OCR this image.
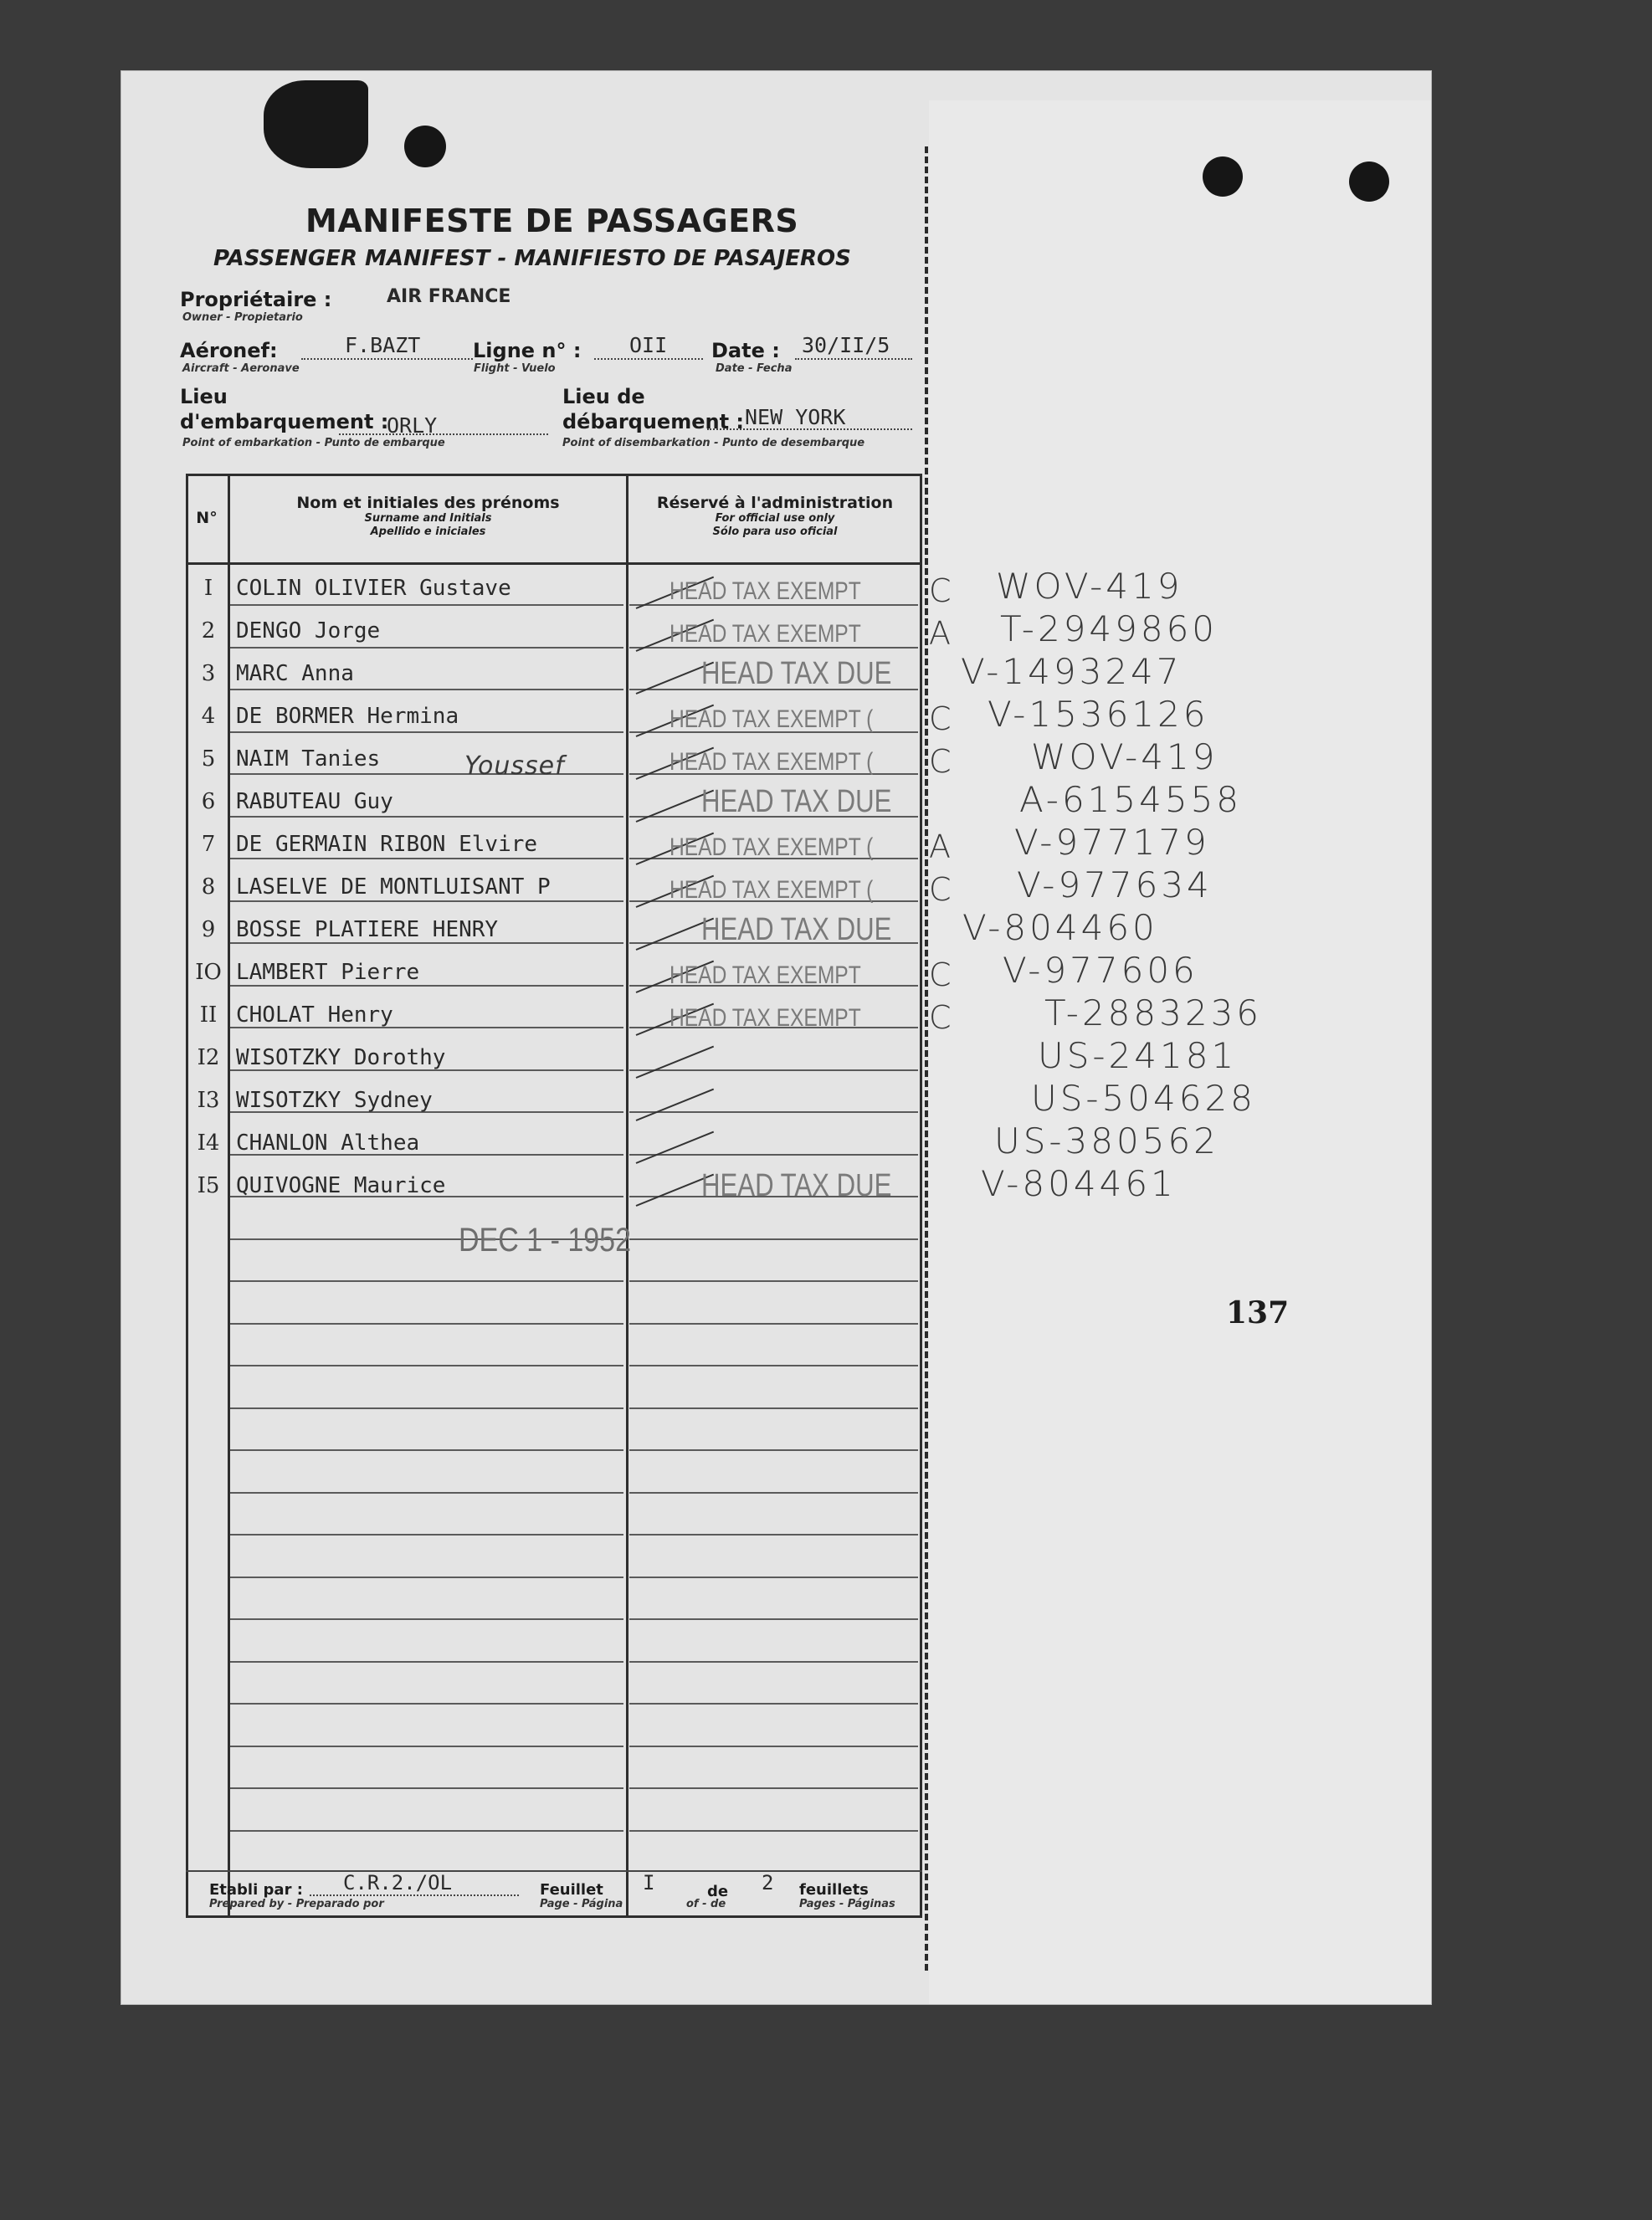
MANIFESTE DE PASSAGERS
PASSENGER MANIFEST - MANIFIESTO DE PASAJEROS
Propriétaire :
Owner - Propietario
AIR FRANCE
Aéronef:
Aircraft - Aeronave
F.BAZT	Ligne n° :
Flight - Vuelo
OII Date :
Date - Fecha
30/II/5
Lieu
d'embarquement :
Point of embarkation - Punto de embarque
ORLY
Lieu de
débarquement :
Point of disembarkation - Punto de desembarque
NEW YORK
N°
Nom et initiales des prénoms
Surname and Initials
Apellido e iniciales
Réservé à l'administration
For official use only
Sólo para uso oficial
I	COLIN OLIVIER Gustave	HEAD TAX EXEMPT C WOV-419
2 DENGO Jorge	HEAD TAX EXEMPT A T-2949860
3 MARC Anna	HEAD TAX DUE V-1493247
4 DE BORMER Hermina	HEAD TAX EXEMPT ( C V-1536126
5 NAIM Tanies	HEAD TAX EXEMPT ( C WOV-419
6 RABUTEAU Guy	HEAD TAX DUE	A-6154558
7 DE GERMAIN RIBON Elvire	HEAD TAX EXEMPT ( A V-977179
8 LASELVE DE MONTLUISANT P	HEAD TAX EXEMPT ( C V-977634
9 BOSSE PLATIERE HENRY	HEAD TAX DUE V-804460
IO LAMBERT Pierre	HEAD TAX EXEMPT C V-977606
II CHOLAT Henry	HEAD TAX EXEMPT C	T-2883236
I2 WISOTZKY Dorothy	US-24181
I3 WISOTZKY Sydney	US-504628
I4 CHANLON Althea	US-380562
I5 QUIVOGNE Maurice	HEAD TAX DUE	V-804461
Youssef
DEC 1 - 1952
137
Etabli par :
Prepared by - Preparado por
C.R.2./OL	Feuillet
Page - Página
I	de
of - de
2 feuillets
Pages - Páginas
